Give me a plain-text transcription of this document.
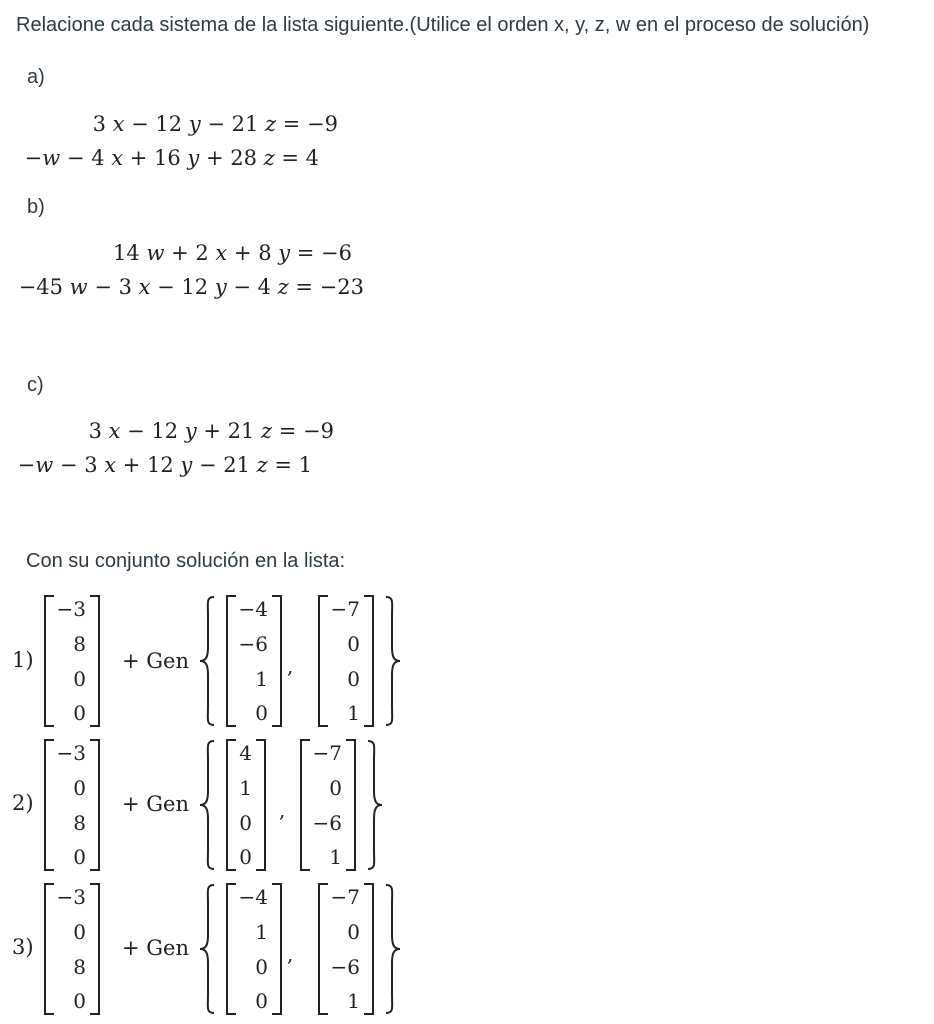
Relacione cada sistema de la lista siguiente.(Utilice el orden x, y, z, w en el proceso de solución)
a)
3 𝑥 − 12 𝑦 − 21 𝑧 = −9
−𝑤 − 4 𝑥 + 16 𝑦 + 28 𝑧 = 4
b)
14 𝑤 + 2 𝑥 + 8 𝑦 = −6
−45 𝑤 − 3 𝑥 − 12 𝑦 − 4 𝑧 = −23
c)
3 𝑥 − 12 𝑦 + 21 𝑧 = −9
−𝑤 − 3 𝑥 + 12 𝑦 − 21 𝑧 = 1
Con su conjunto solución en la lista:
1)
−3
8
0
0
+ Gen
−4
−6
1
0
,
−7
0
0
1
2)
−3
0
8
0
+ Gen
4
1
0
0
,
−7
0
−6
1
3)
−3
0
8
0
+ Gen
−4
1
0
0
,
−7
0
−6
1
